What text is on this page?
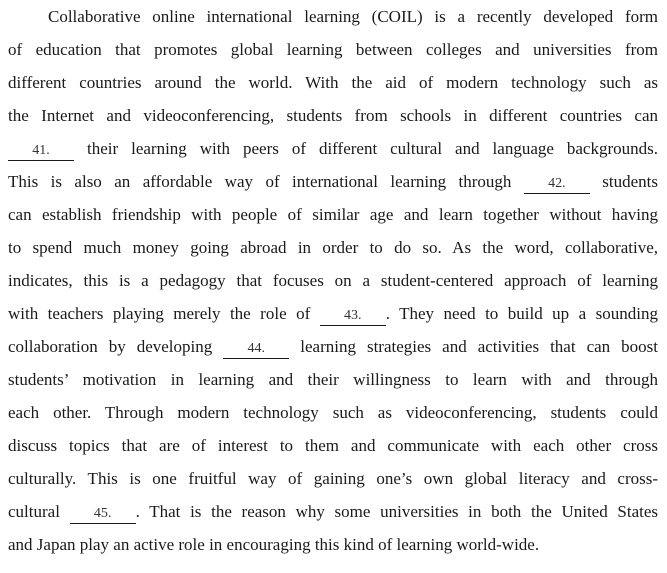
Collaborative online international learning (COIL) is a recently developed form
of education that promotes global learning between colleges and universities from
different countries around the world. With the aid of modern technology such as
the Internet and videoconferencing, students from schools in different countries can
41. their learning with peers of different cultural and language backgrounds.
This is also an affordable way of international learning through	42. students
can establish friendship with people of similar age and learn together without having
to spend much money going abroad in order to do so. As the word, collaborative,
indicates, this is a pedagogy that focuses on a student-centered approach of learning
with teachers playing merely the role of 43. . They need to build up a sounding
collaboration by developing	44. learning strategies and activities that can boost
students’ motivation in learning and their willingness to learn with and through
each other. Through modern technology such as videoconferencing, students could
discuss topics that are of interest to them and communicate with each other cross
culturally. This is one fruitful way of gaining one’s own global literacy and cross-
cultural 45. . That is the reason why some universities in both the United States
and Japan play an active role in encouraging this kind of learning world-wide.
